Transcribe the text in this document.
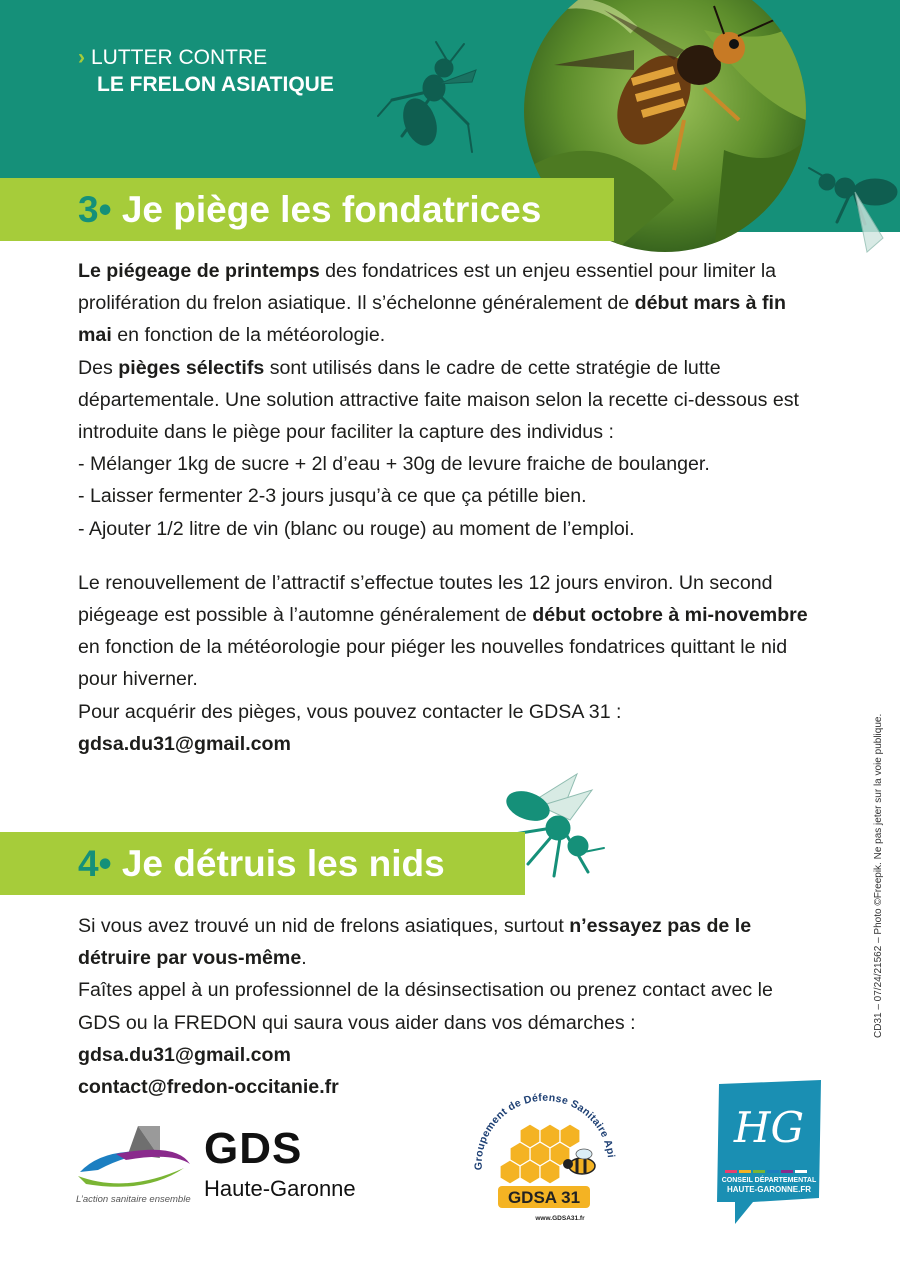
› LUTTER CONTRE
LE FRELON ASIATIQUE
3• Je piège les fondatrices

Le piégeage de printemps des fondatrices est un enjeu essentiel pour limiter la prolifération du frelon asiatique. Il s’échelonne généralement de début mars à fin mai en fonction de la météorologie.

Des pièges sélectifs sont utilisés dans le cadre de cette stratégie de lutte départementale. Une solution attractive faite maison selon la recette ci-dessous est introduite dans le piège pour faciliter la capture des individus :

- Mélanger 1kg de sucre + 2l d’eau + 30g de levure fraiche de boulanger.

- Laisser fermenter 2-3 jours jusqu’à ce que ça pétille bien.

- Ajouter 1/2 litre de vin (blanc ou rouge) au moment de l’emploi.

Le renouvellement de l’attractif s’effectue toutes les 12 jours environ. Un second piégeage est possible à l’automne généralement de début octobre à mi-novembre en fonction de la météorologie pour piéger les nouvelles fondatrices quittant le nid pour hiverner.

Pour acquérir des pièges, vous pouvez contacter le GDSA 31 :

gdsa.du31@gmail.com

4• Je détruis les nids

Si vous avez trouvé un nid de frelons asiatiques, surtout n’essayez pas de le détruire par vous-même.

Faîtes appel à un professionnel de la désinsectisation ou prenez contact avec le GDS ou la FREDON qui saura vous aider dans vos démarches :

gdsa.du31@gmail.com

contact@fredon-occitanie.fr

CD31 – 07/24/21562 – Photo ©Freepik. Ne pas jeter sur la voie publique.
GDS
Haute-Garonne
L’action sanitaire ensemble
Groupement de Défense Sanitaire Api
GDSA 31
www.GDSA31.fr
HG
CONSEIL DÉPARTEMENTAL
HAUTE-GARONNE.FR
